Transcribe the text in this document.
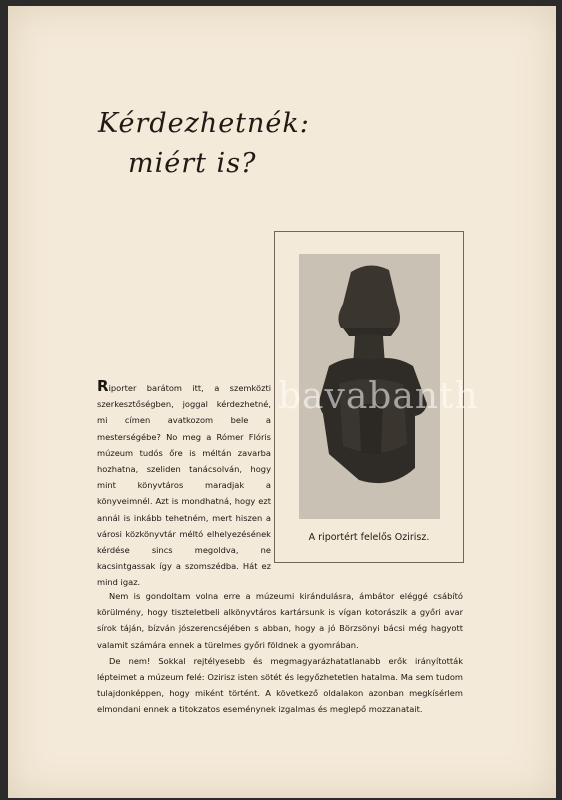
Kérdezhetnék:
miért is?
A riportért felelős Ozirisz.

Riporter barátom itt, a szemközti szerkesztőségben, joggal kérdezhetné, mi címen avatkozom bele a mesterségébe? No meg a Rómer Flóris múzeum tudós őre is méltán zavarba hozhatna, szeliden tanácsolván, hogy mint könyvtáros maradjak a könyveimnél. Azt is mondhatná, hogy ezt annál is inkább tehetném, mert hiszen a városi közkönyvtár méltó elhelyezésének kérdése sincs megoldva, ne kacsintgassak így a szomszédba. Hát ez mind igaz.

Nem is gondoltam volna erre a múzeumi kirándulásra, ámbátor eléggé csábító körülmény, hogy tiszteletbeli alkönyvtáros kartársunk is vígan kotorászik a győri avar sírok táján, bízván jószerencséjében s abban, hogy a jó Börzsönyi bácsi még hagyott valamit számára ennek a türelmes győri földnek a gyomrában.

De nem! Sokkal rejtélyesebb és megmagyarázhatatlanabb erők irányították lépteimet a múzeum felé: Ozirisz isten sötét és legyőzhetetlen hatalma. Ma sem tudom tulajdonképpen, hogy miként történt. A következő oldalakon azonban megkísérlem elmondani ennek a titokzatos eseménynek izgalmas és meglepő mozzanatait.

bavabanth
